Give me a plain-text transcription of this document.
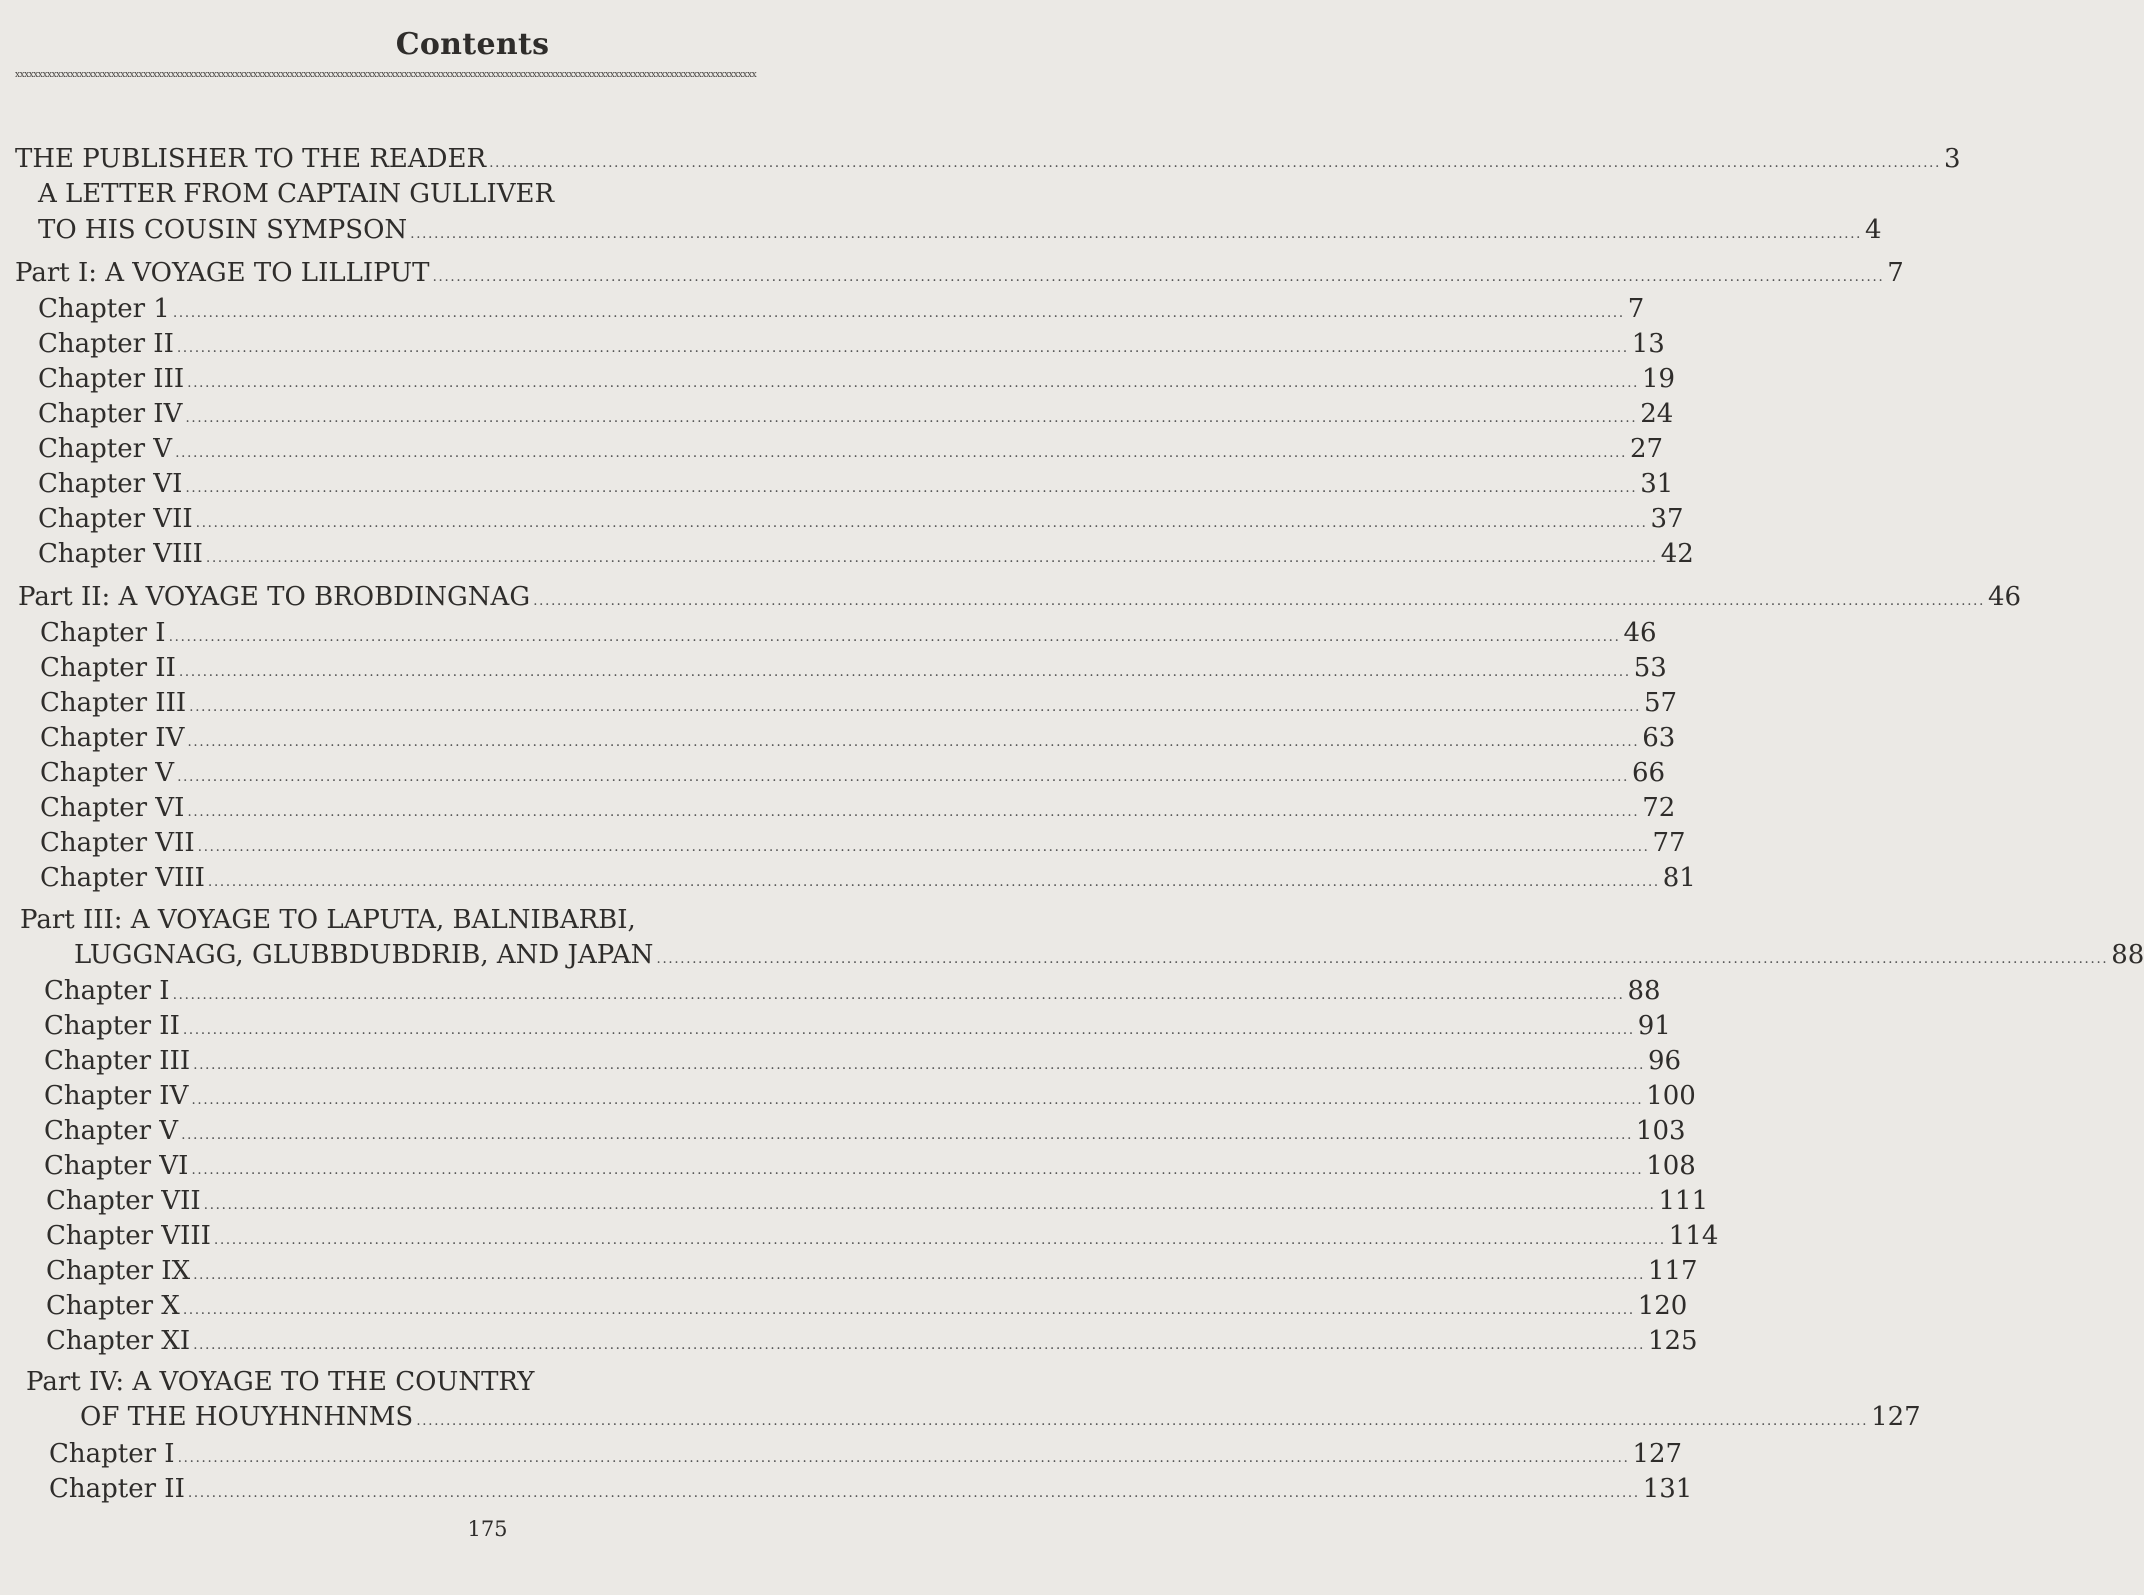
Contents
xxxxxxxxxxxxxxxxxxxxxxxxxxxxxxxxxxxxxxxxxxxxxxxxxxxxxxxxxxxxxxxxxxxxxxxxxxxxxxxxxxxxxxxxxxxxxxxxxxxxxxxxxxxxxxxxxxxxxxxxxxxxxxxxxxxxxxxxxxxxxxxxxxxxxxxxxxxxxxxxxx
THE PUBLISHER TO THE READER .................................................................................................................................................................................................................................................... 3
A LETTER FROM CAPTAIN GULLIVER
TO HIS COUSIN SYMPSON .................................................................................................................................................................................................................................................... 4
Part I: A VOYAGE TO LILLIPUT .................................................................................................................................................................................................................................................... 7
Chapter 1 .................................................................................................................................................................................................................................................... 7
Chapter II .................................................................................................................................................................................................................................................... 13
Chapter III .................................................................................................................................................................................................................................................... 19
Chapter IV .................................................................................................................................................................................................................................................... 24
Chapter V .................................................................................................................................................................................................................................................... 27
Chapter VI .................................................................................................................................................................................................................................................... 31
Chapter VII .................................................................................................................................................................................................................................................... 37
Chapter VIII .................................................................................................................................................................................................................................................... 42
Part II: A VOYAGE TO BROBDINGNAG .................................................................................................................................................................................................................................................... 46
Chapter I .................................................................................................................................................................................................................................................... 46
Chapter II .................................................................................................................................................................................................................................................... 53
Chapter III .................................................................................................................................................................................................................................................... 57
Chapter IV .................................................................................................................................................................................................................................................... 63
Chapter V .................................................................................................................................................................................................................................................... 66
Chapter VI .................................................................................................................................................................................................................................................... 72
Chapter VII .................................................................................................................................................................................................................................................... 77
Chapter VIII .................................................................................................................................................................................................................................................... 81
Part III: A VOYAGE TO LAPUTA, BALNIBARBI,
LUGGNAGG, GLUBBDUBDRIB, AND JAPAN .................................................................................................................................................................................................................................................... 88
Chapter I .................................................................................................................................................................................................................................................... 88
Chapter II .................................................................................................................................................................................................................................................... 91
Chapter III .................................................................................................................................................................................................................................................... 96
Chapter IV .................................................................................................................................................................................................................................................... 100
Chapter V .................................................................................................................................................................................................................................................... 103
Chapter VI .................................................................................................................................................................................................................................................... 108
Chapter VII .................................................................................................................................................................................................................................................... 111
Chapter VIII .................................................................................................................................................................................................................................................... 114
Chapter IX .................................................................................................................................................................................................................................................... 117
Chapter X .................................................................................................................................................................................................................................................... 120
Chapter XI .................................................................................................................................................................................................................................................... 125
Part IV: A VOYAGE TO THE COUNTRY
OF THE HOUYHNHNMS .................................................................................................................................................................................................................................................... 127
Chapter I .................................................................................................................................................................................................................................................... 127
Chapter II .................................................................................................................................................................................................................................................... 131
175
